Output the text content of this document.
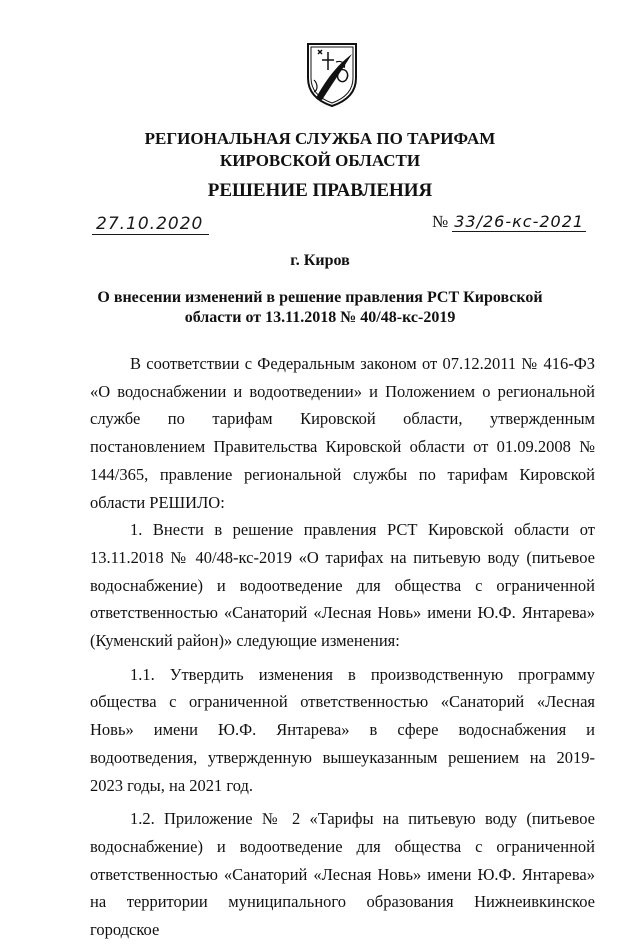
РЕГИОНАЛЬНАЯ СЛУЖБА ПО ТАРИФАМ
КИРОВСКОЙ ОБЛАСТИ
РЕШЕНИЕ ПРАВЛЕНИЯ
27.10.2020	№ 33/26-кс-2021
г. Киров
О внесении изменений в решение правления РСТ Кировской
области от 13.11.2018 № 40/48-кс-2019

В соответствии с Федеральным законом от 07.12.2011 № 416-ФЗ «О водоснабжении и водоотведении» и Положением о региональной службе по тарифам Кировской области, утвержденным постановлением Правительства Кировской области от 01.09.2008 № 144/365, правление региональной службы по тарифам Кировской области РЕШИЛО:

1. Внести в решение правления РСТ Кировской области от 13.11.2018 № 40/48-кс-2019 «О тарифах на питьевую воду (питьевое водоснабжение) и водоотведение для общества с ограниченной ответственностью «Санаторий «Лесная Новь» имени Ю.Ф. Янтарева» (Куменский район)» следующие изменения:

1.1. Утвердить изменения в производственную программу общества с ограниченной ответственностью «Санаторий «Лесная Новь» имени Ю.Ф. Янтарева» в сфере водоснабжения и водоотведения, утвержденную вышеуказанным решением на 2019-2023 годы, на 2021 год.

1.2. Приложение № 2 «Тарифы на питьевую воду (питьевое водоснабжение) и водоотведение для общества с ограниченной ответственностью «Санаторий «Лесная Новь» имени Ю.Ф. Янтарева» на территории муниципального образования Нижнеивкинское городское
